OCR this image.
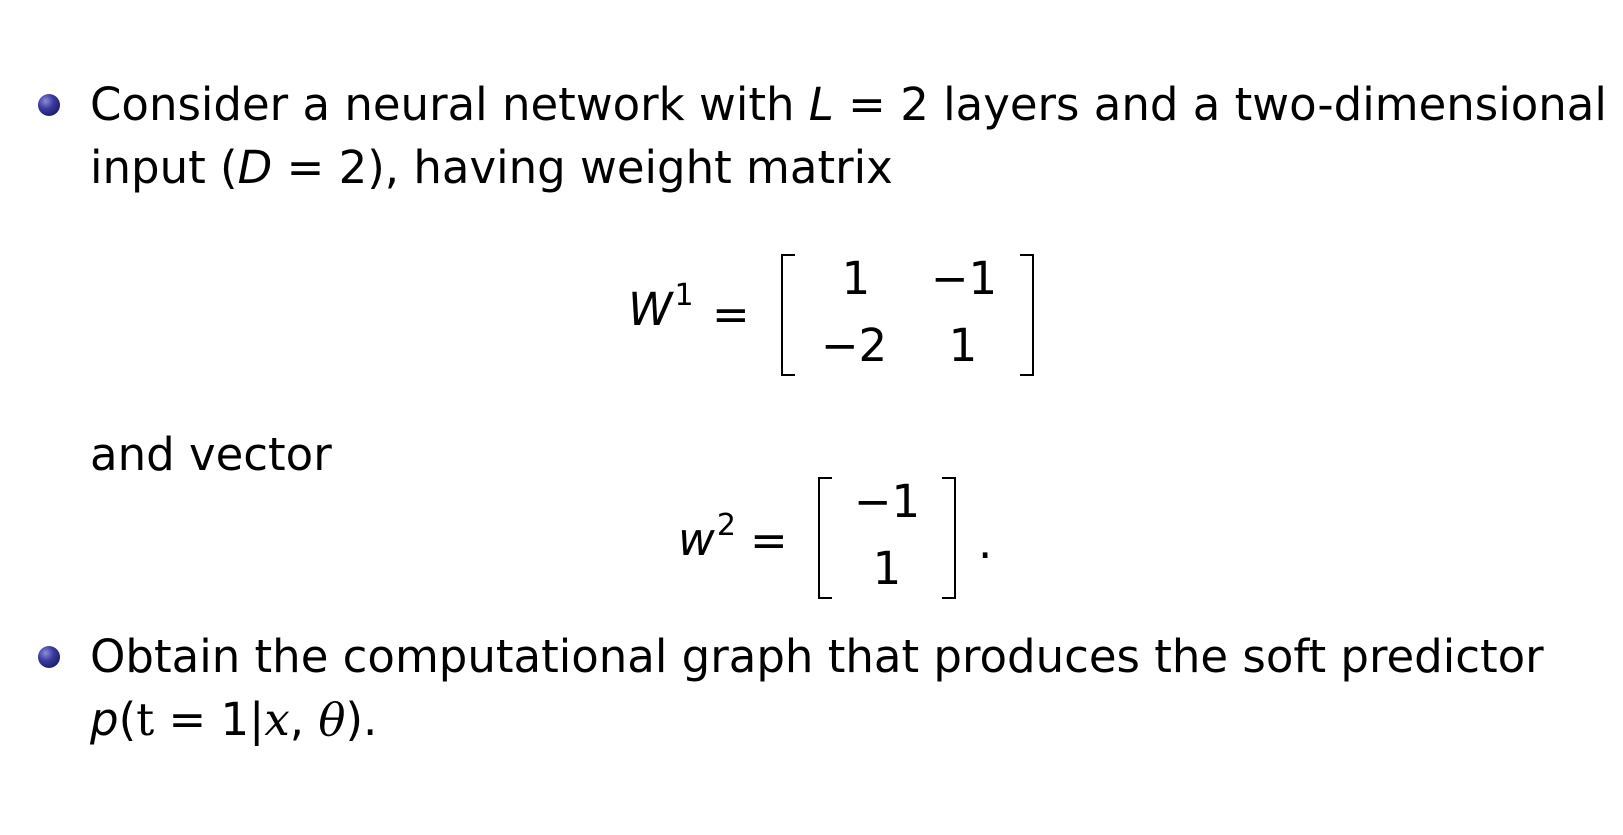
Consider a neural network with L = 2 layers and a two-dimensional
input (D = 2), having weight matrix
$W^1$ =
1 −1
−2 1
and vector
$w^2$ =
−1
1 .
Obtain the computational graph that produces the soft predictor
p(t = 1|x, θ).
